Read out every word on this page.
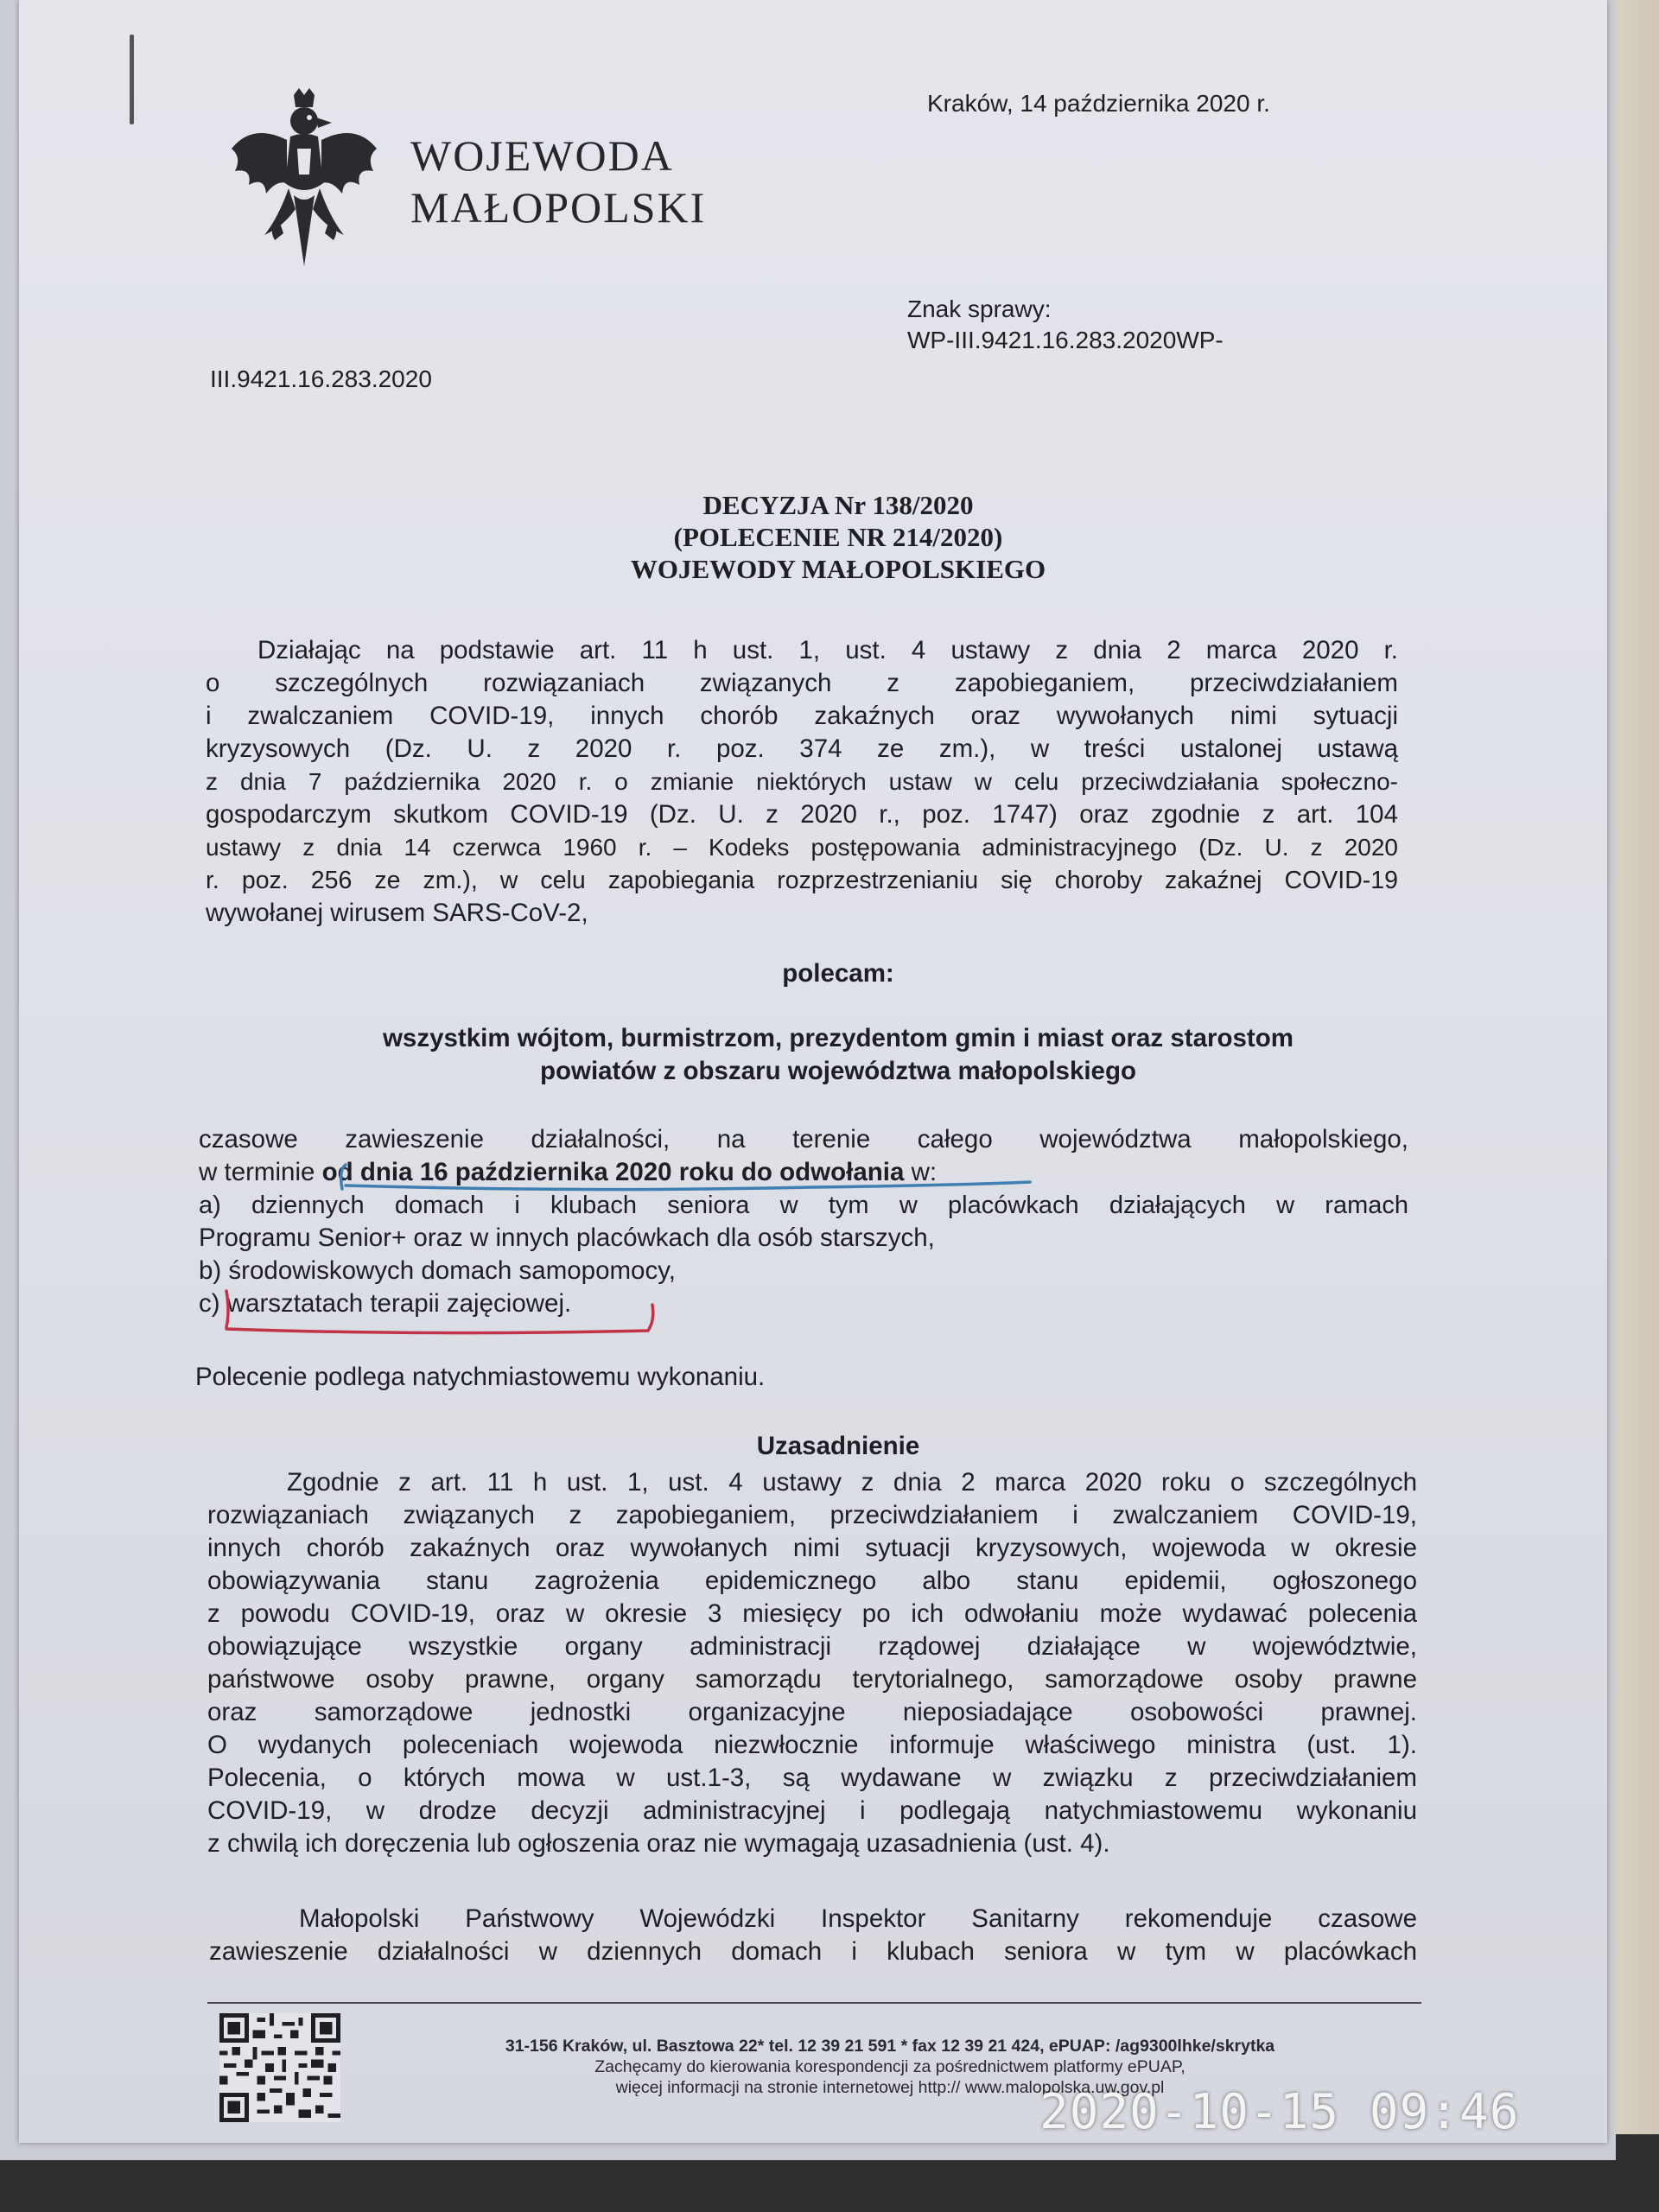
WOJEWODA
MAŁOPOLSKI
Kraków, 14 października 2020 r.
Znak sprawy:
WP-III.9421.16.283.2020WP-
III.9421.16.283.2020
DECYZJA Nr 138/2020
(POLECENIE NR 214/2020)
WOJEWODY MAŁOPOLSKIEGO
Działając na podstawie art. 11 h ust. 1, ust. 4 ustawy z dnia 2 marca 2020 r.
o szczególnych rozwiązaniach związanych z zapobieganiem, przeciwdziałaniem
i zwalczaniem COVID-19, innych chorób zakaźnych oraz wywołanych nimi sytuacji
kryzysowych (Dz. U. z 2020 r. poz. 374 ze zm.), w treści ustalonej ustawą
z dnia 7 października 2020 r. o zmianie niektórych ustaw w celu przeciwdziałania społeczno-
gospodarczym skutkom COVID-19 (Dz. U. z 2020 r., poz. 1747) oraz zgodnie z art. 104
ustawy z dnia 14 czerwca 1960 r. – Kodeks postępowania administracyjnego (Dz. U. z 2020
r. poz. 256 ze zm.), w celu zapobiegania rozprzestrzenianiu się choroby zakaźnej COVID-19
wywołanej wirusem SARS-CoV-2,
polecam:
wszystkim wójtom, burmistrzom, prezydentom gmin i miast oraz starostom
powiatów z obszaru województwa małopolskiego
czasowe zawieszenie działalności, na terenie całego województwa małopolskiego,
w terminie od dnia 16 października 2020 roku do odwołania w:
a) dziennych domach i klubach seniora w tym w placówkach działających w ramach
Programu Senior+ oraz w innych placówkach dla osób starszych,
b) środowiskowych domach samopomocy,
c) warsztatach terapii zajęciowej.
Polecenie podlega natychmiastowemu wykonaniu.
Uzasadnienie
Zgodnie z art. 11 h ust. 1, ust. 4 ustawy z dnia 2 marca 2020 roku o szczególnych
rozwiązaniach związanych z zapobieganiem, przeciwdziałaniem i zwalczaniem COVID-19,
innych chorób zakaźnych oraz wywołanych nimi sytuacji kryzysowych, wojewoda w okresie
obowiązywania stanu zagrożenia epidemicznego albo stanu epidemii, ogłoszonego
z powodu COVID-19, oraz w okresie 3 miesięcy po ich odwołaniu może wydawać polecenia
obowiązujące wszystkie organy administracji rządowej działające w województwie,
państwowe osoby prawne, organy samorządu terytorialnego, samorządowe osoby prawne
oraz samorządowe jednostki organizacyjne nieposiadające osobowości prawnej.
O wydanych poleceniach wojewoda niezwłocznie informuje właściwego ministra (ust. 1).
Polecenia, o których mowa w ust.1-3, są wydawane w związku z przeciwdziałaniem
COVID-19, w drodze decyzji administracyjnej i podlegają natychmiastowemu wykonaniu
z chwilą ich doręczenia lub ogłoszenia oraz nie wymagają uzasadnienia (ust. 4).
Małopolski Państwowy Wojewódzki Inspektor Sanitarny rekomenduje czasowe
zawieszenie działalności w dziennych domach i klubach seniora w tym w placówkach
31-156 Kraków, ul. Basztowa 22* tel. 12 39 21 591 * fax 12 39 21 424, ePUAP: /ag9300lhke/skrytka
Zachęcamy do kierowania korespondencji za pośrednictwem platformy ePUAP,
więcej informacji na stronie internetowej http:// www.malopolska.uw.gov.pl
2020-10-15 09:46
